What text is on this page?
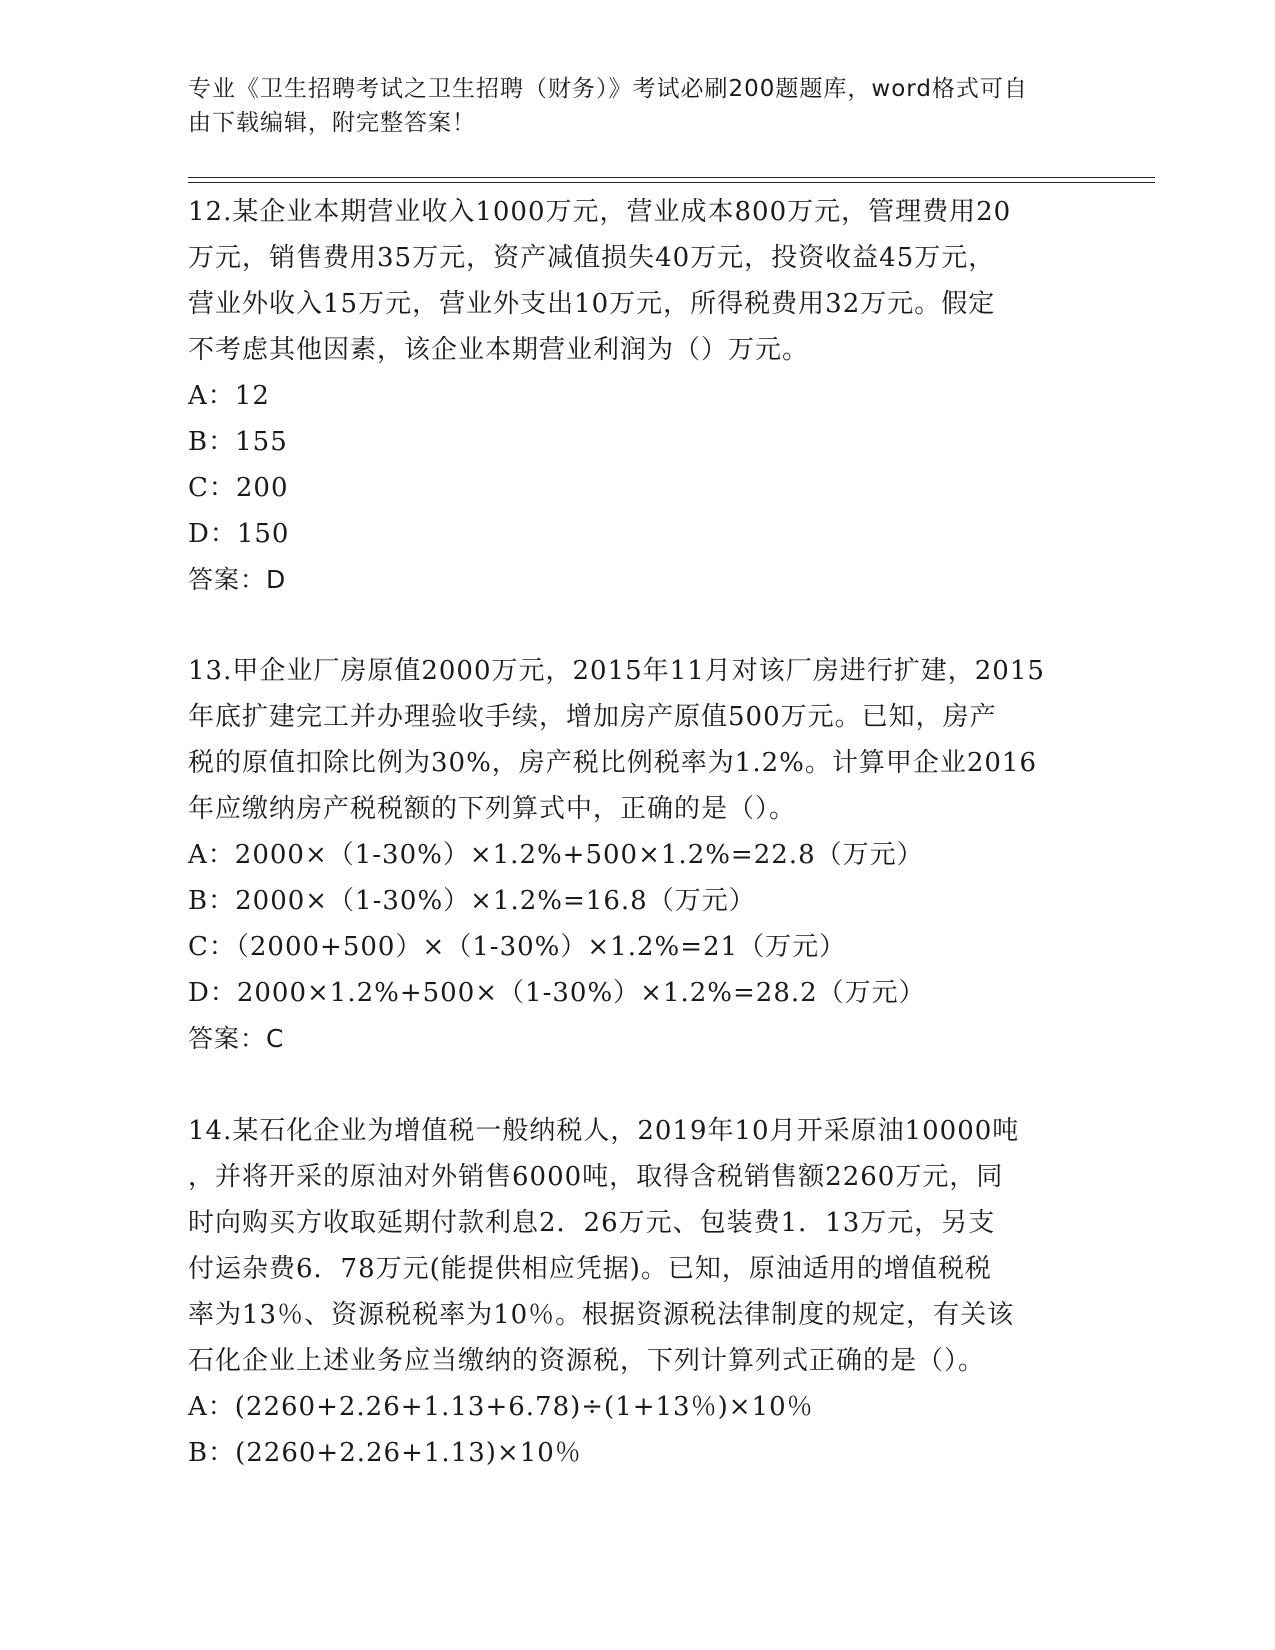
专业《卫生招聘考试之卫生招聘（财务）》考试必刷200题题库，word格式可自
由下载编辑，附完整答案！
12.某企业本期营业收入1000万元，营业成本800万元，管理费用20
万元，销售费用35万元，资产减值损失40万元，投资收益45万元，
营业外收入15万元，营业外支出10万元，所得税费用32万元。假定
不考虑其他因素，该企业本期营业利润为（）万元。
A：12
B：155
C：200
D：150
答案：D
13.甲企业厂房原值2000万元，2015年11月对该厂房进行扩建，2015
年底扩建完工并办理验收手续，增加房产原值500万元。已知，房产
税的原值扣除比例为30%，房产税比例税率为1.2%。计算甲企业2016
年应缴纳房产税税额的下列算式中，正确的是（）。
A：2000×（1-30%）×1.2%+500×1.2%=22.8（万元）
B：2000×（1-30%）×1.2%=16.8（万元）
C：（2000+500）×（1-30%）×1.2%=21（万元）
D：2000×1.2%+500×（1-30%）×1.2%=28.2（万元）
答案：C
14.某石化企业为增值税一般纳税人，2019年10月开采原油10000吨
，并将开采的原油对外销售6000吨，取得含税销售额2260万元，同
时向购买方收取延期付款利息2．26万元、包装费1．13万元，另支
付运杂费6．78万元(能提供相应凭据)。已知，原油适用的增值税税
率为13％、资源税税率为10％。根据资源税法律制度的规定，有关该
石化企业上述业务应当缴纳的资源税，下列计算列式正确的是（）。
A：(2260+2.26+1.13+6.78)÷(1+13％)×10％
B：(2260+2.26+1.13)×10％
